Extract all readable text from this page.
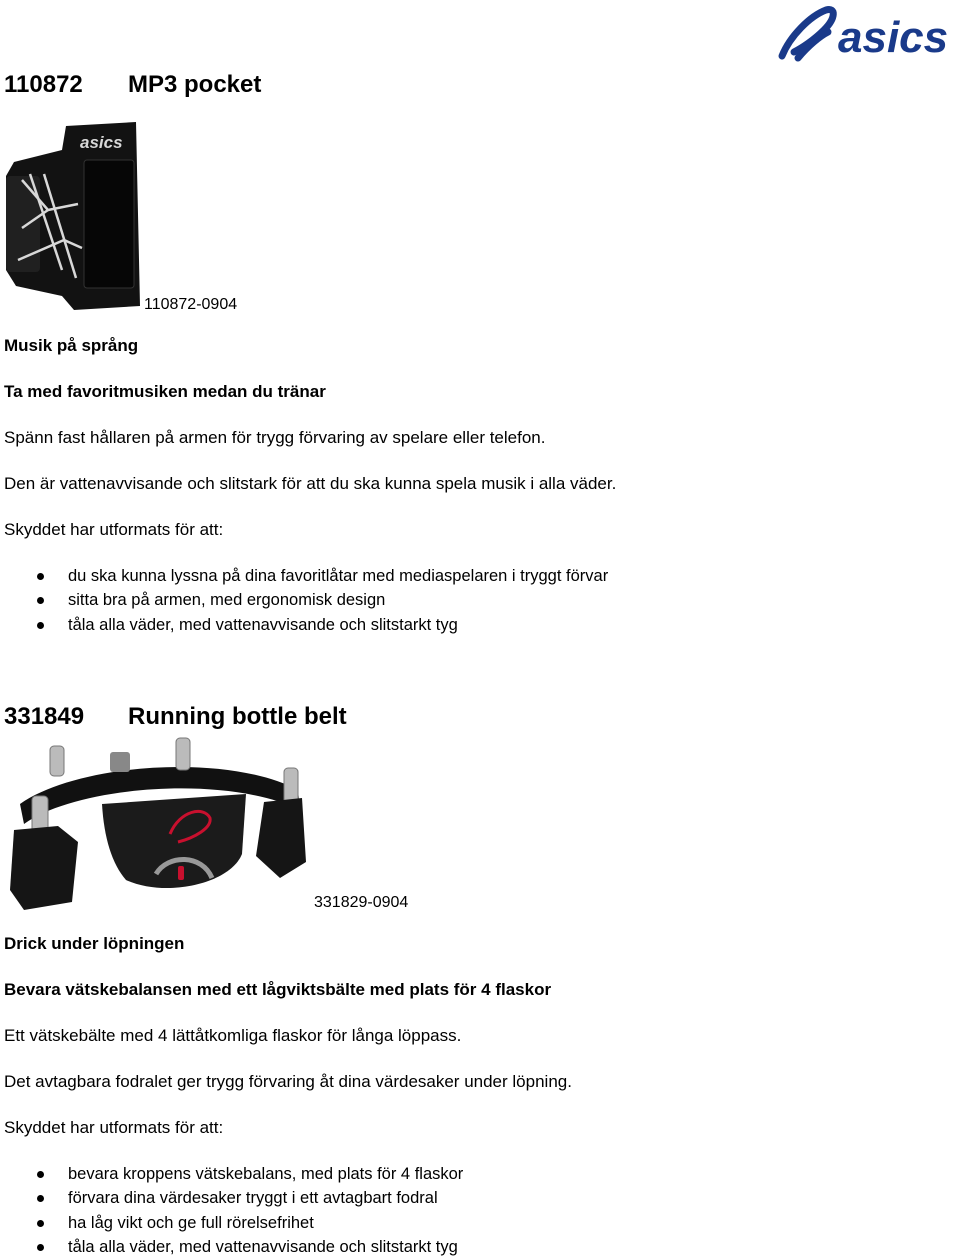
asics
110872 MP3 pocket
asics
110872-0904
Musik på språng
Ta med favoritmusiken medan du tränar
Spänn fast hållaren på armen för trygg förvaring av spelare eller telefon.
Den är vattenavvisande och slitstark för att du ska kunna spela musik i alla väder.
Skyddet har utformats för att:
du ska kunna lyssna på dina favoritlåtar med mediaspelaren i tryggt förvar
sitta bra på armen, med ergonomisk design
tåla alla väder, med vattenavvisande och slitstarkt tyg
331849 Running bottle belt
331829-0904
Drick under löpningen
Bevara vätskebalansen med ett lågviktsbälte med plats för 4 flaskor
Ett vätskebälte med 4 lättåtkomliga flaskor för långa löppass.
Det avtagbara fodralet ger trygg förvaring åt dina värdesaker under löpning.
Skyddet har utformats för att:
bevara kroppens vätskebalans, med plats för 4 flaskor
förvara dina värdesaker tryggt i ett avtagbart fodral
ha låg vikt och ge full rörelsefrihet
tåla alla väder, med vattenavvisande och slitstarkt tyg
